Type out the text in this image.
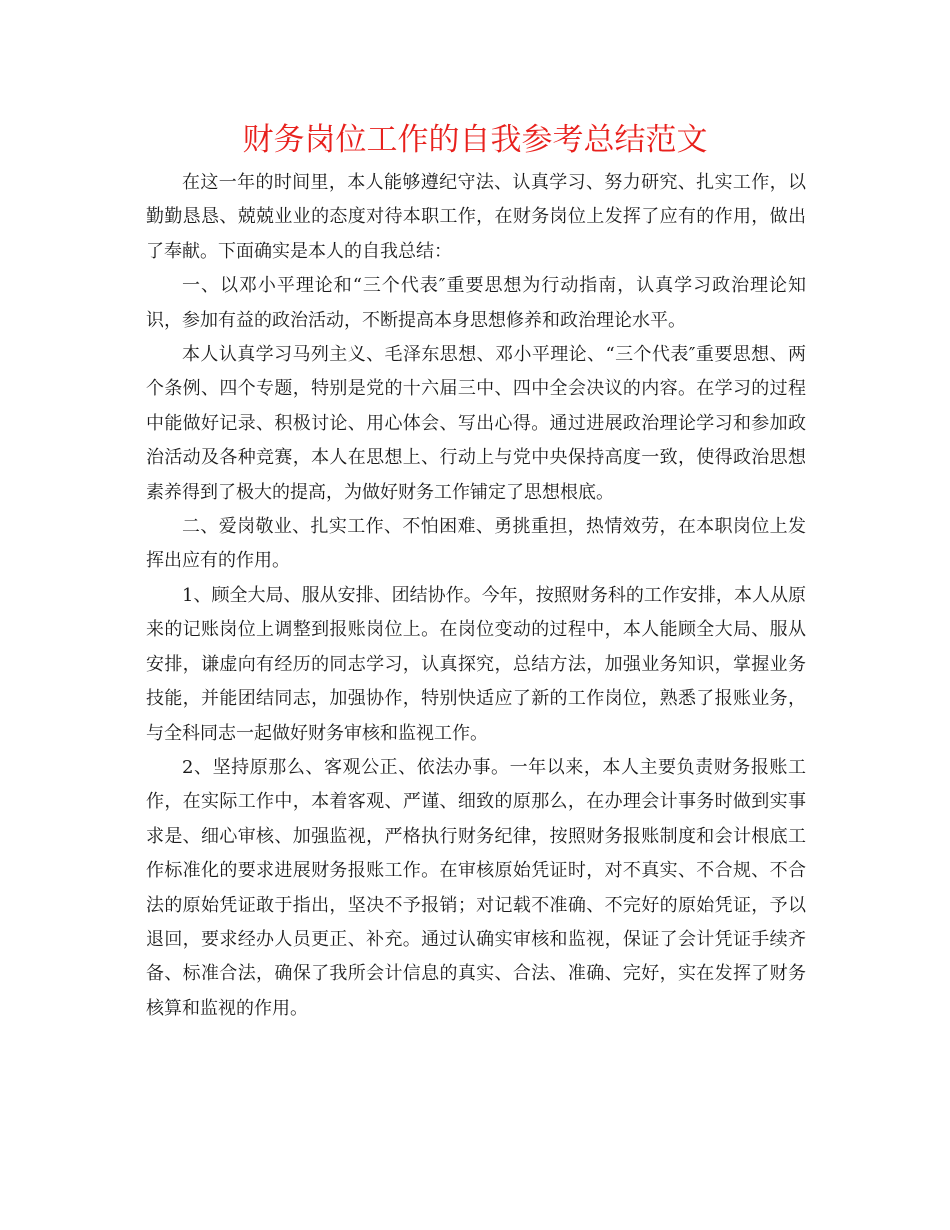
财务岗位工作的自我参考总结范文

在这一年的时间里，本人能够遵纪守法、认真学习、努力研究、扎实工作，以勤勤恳恳、兢兢业业的态度对待本职工作，在财务岗位上发挥了应有的作用，做出了奉献。下面确实是本人的自我总结：

一、以邓小平理论和“三个代表″重要思想为行动指南，认真学习政治理论知识，参加有益的政治活动，不断提高本身思想修养和政治理论水平。

本人认真学习马列主义、毛泽东思想、邓小平理论、“三个代表″重要思想、两个条例、四个专题，特别是党的十六届三中、四中全会决议的内容。在学习的过程中能做好记录、积极讨论、用心体会、写出心得。通过进展政治理论学习和参加政治活动及各种竞赛，本人在思想上、行动上与党中央保持高度一致，使得政治思想素养得到了极大的提高，为做好财务工作铺定了思想根底。

二、爱岗敬业、扎实工作、不怕困难、勇挑重担，热情效劳，在本职岗位上发挥出应有的作用。

1、顾全大局、服从安排、团结协作。今年，按照财务科的工作安排，本人从原来的记账岗位上调整到报账岗位上。在岗位变动的过程中，本人能顾全大局、服从安排，谦虚向有经历的同志学习，认真探究，总结方法，加强业务知识，掌握业务技能，并能团结同志，加强协作，特别快适应了新的工作岗位，熟悉了报账业务，与全科同志一起做好财务审核和监视工作。

2、坚持原那么、客观公正、依法办事。一年以来，本人主要负责财务报账工作，在实际工作中，本着客观、严谨、细致的原那么，在办理会计事务时做到实事求是、细心审核、加强监视，严格执行财务纪律，按照财务报账制度和会计根底工作标准化的要求进展财务报账工作。在审核原始凭证时，对不真实、不合规、不合法的原始凭证敢于指出，坚决不予报销；对记载不准确、不完好的原始凭证，予以退回，要求经办人员更正、补充。通过认确实审核和监视，保证了会计凭证手续齐备、标准合法，确保了我所会计信息的真实、合法、准确、完好，实在发挥了财务核算和监视的作用。
